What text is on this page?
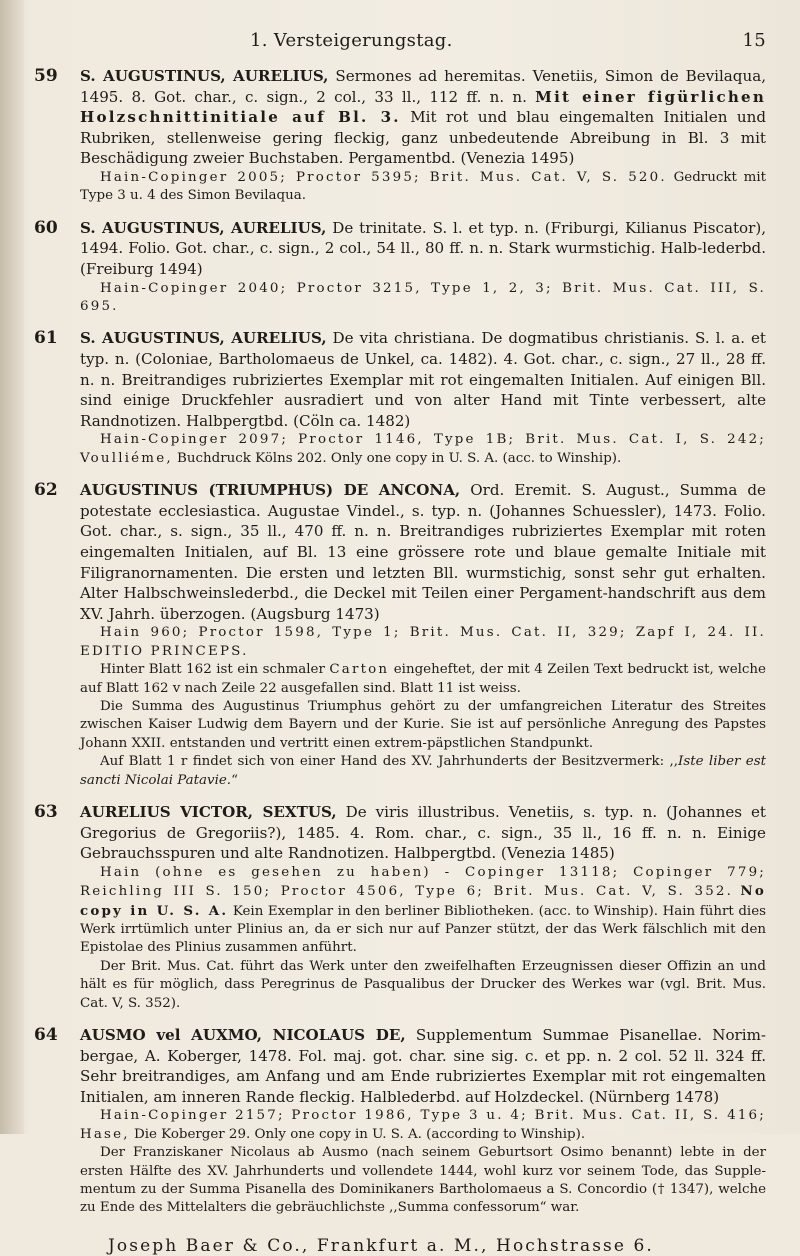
1. Versteigerungstag.	15
59	S. AUGUSTINUS, AURELIUS, Sermones ad heremitas. Venetiis, Simon de Bevilaqua, 1495. 8. Got. char., c. sign., 2 col., 33 ll., 112 ff. n. n. Mit einer figürlichen Holzschnittinitiale auf Bl. 3. Mit rot und blau eingemalten Initialen und Rubriken, stellenweise gering fleckig, ganz unbedeutende Abreibung in Bl. 3 mit Beschädigung zweier Buchstaben. Pergamentbd. (Venezia 1495)

Hain-Copinger 2005; Proctor 5395; Brit. Mus. Cat. V, S. 520. Gedruckt mit Type 3 u. 4 des Simon Bevilaqua.

60	S. AUGUSTINUS, AURELIUS, De trinitate. S. l. et typ. n. (Friburgi, Kilianus Piscator), 1494. Folio. Got. char., c. sign., 2 col., 54 ll., 80 ff. n. n. Stark wurmstichig. Halb-lederbd. (Freiburg 1494)

Hain-Copinger 2040; Proctor 3215, Type 1, 2, 3; Brit. Mus. Cat. III, S. 695.

61	S. AUGUSTINUS, AURELIUS, De vita christiana. De dogmatibus christianis. S. l. a. et typ. n. (Coloniae, Bartholomaeus de Unkel, ca. 1482). 4. Got. char., c. sign., 27 ll., 28 ff. n. n. Breitrandiges rubriziertes Exemplar mit rot eingemalten Initialen. Auf einigen Bll. sind einige Druckfehler ausradiert und von alter Hand mit Tinte verbessert, alte Randnotizen. Halbpergtbd. (Cöln ca. 1482)

Hain-Copinger 2097; Proctor 1146, Type 1B; Brit. Mus. Cat. I, S. 242; Voulliéme, Buchdruck Kölns 202. Only one copy in U. S. A. (acc. to Winship).

62	AUGUSTINUS (TRIUMPHUS) DE ANCONA, Ord. Eremit. S. August., Summa de potestate ecclesiastica. Augustae Vindel., s. typ. n. (Johannes Schuessler), 1473. Folio. Got. char., s. sign., 35 ll., 470 ff. n. n. Breitrandiges rubriziertes Exemplar mit roten eingemalten Initialen, auf Bl. 13 eine grössere rote und blaue gemalte Initiale mit Filigranornamenten. Die ersten und letzten Bll. wurmstichig, sonst sehr gut erhalten. Alter Halbschweinslederbd., die Deckel mit Teilen einer Pergament-handschrift aus dem XV. Jahrh. überzogen. (Augsburg 1473)

Hain 960; Proctor 1598, Type 1; Brit. Mus. Cat. II, 329; Zapf I, 24. II. EDITIO PRINCEPS.

Hinter Blatt 162 ist ein schmaler Carton eingeheftet, der mit 4 Zeilen Text bedruckt ist, welche auf Blatt 162 v nach Zeile 22 ausgefallen sind. Blatt 11 ist weiss.

Die Summa des Augustinus Triumphus gehört zu der umfangreichen Literatur des Streites zwischen Kaiser Ludwig dem Bayern und der Kurie. Sie ist auf persönliche Anregung des Papstes Johann XXII. entstanden und vertritt einen extrem-päpstlichen Standpunkt.

Auf Blatt 1 r findet sich von einer Hand des XV. Jahrhunderts der Besitzvermerk: ,,Iste liber est sancti Nicolai Patavie.“

63	AURELIUS VICTOR, SEXTUS, De viris illustribus. Venetiis, s. typ. n. (Johannes et Gregorius de Gregoriis?), 1485. 4. Rom. char., c. sign., 35 ll., 16 ff. n. n. Einige Gebrauchsspuren und alte Randnotizen. Halbpergtbd. (Venezia 1485)

Hain (ohne es gesehen zu haben) - Copinger 13118; Copinger 779; Reichling III S. 150; Proctor 4506, Type 6; Brit. Mus. Cat. V, S. 352. No copy in U. S. A. Kein Exemplar in den berliner Bibliotheken. (acc. to Winship). Hain führt dies Werk irrtümlich unter Plinius an, da er sich nur auf Panzer stützt, der das Werk fälschlich mit den Epistolae des Plinius zusammen anführt.

Der Brit. Mus. Cat. führt das Werk unter den zweifelhaften Erzeugnissen dieser Offizin an und hält es für möglich, dass Peregrinus de Pasqualibus der Drucker des Werkes war (vgl. Brit. Mus. Cat. V, S. 352).

64	AUSMO vel AUXMO, NICOLAUS DE, Supplementum Summae Pisanellae. Norim-bergae, A. Koberger, 1478. Fol. maj. got. char. sine sig. c. et pp. n. 2 col. 52 ll. 324 ff. Sehr breitrandiges, am Anfang und am Ende rubriziertes Exemplar mit rot eingemalten Initialen, am inneren Rande fleckig. Halblederbd. auf Holzdeckel. (Nürnberg 1478)

Hain-Copinger 2157; Proctor 1986, Type 3 u. 4; Brit. Mus. Cat. II, S. 416; Hase, Die Koberger 29. Only one copy in U. S. A. (according to Winship).

Der Franziskaner Nicolaus ab Ausmo (nach seinem Geburtsort Osimo benannt) lebte in der ersten Hälfte des XV. Jahrhunderts und vollendete 1444, wohl kurz vor seinem Tode, das Supple-mentum zu der Summa Pisanella des Dominikaners Bartholomaeus a S. Concordio († 1347), welche zu Ende des Mittelalters die gebräuchlichste ,,Summa confessorum“ war.

Joseph Baer & Co., Frankfurt a. M., Hochstrasse 6.
